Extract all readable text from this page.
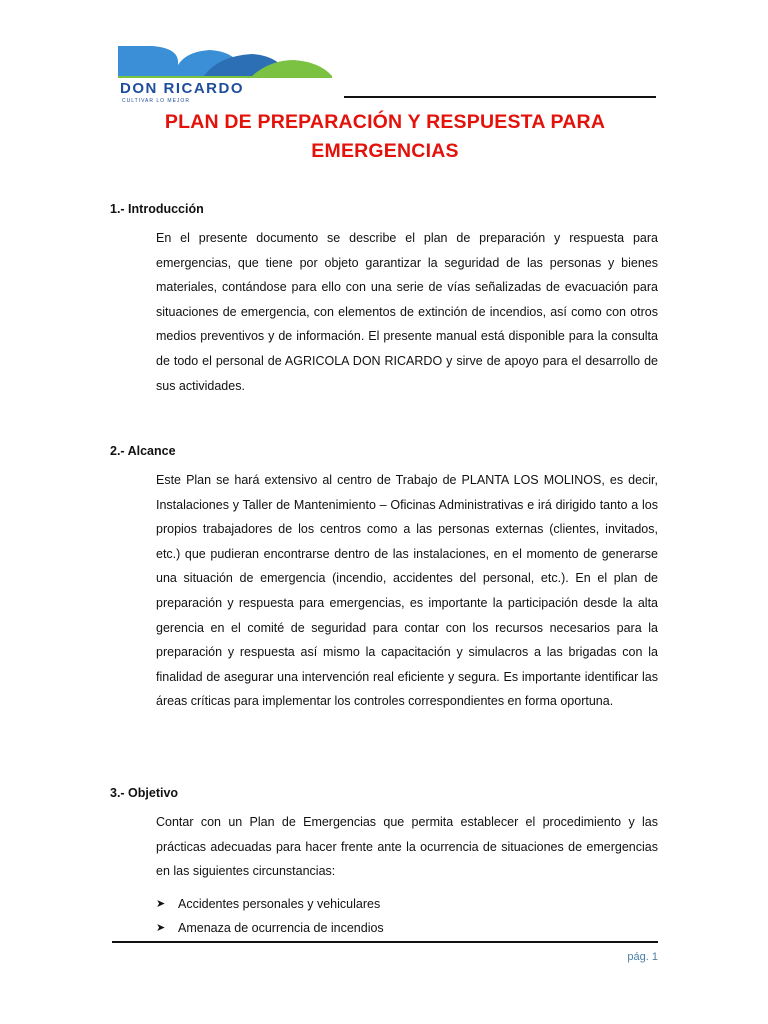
DON RICARDO
CULTIVAR LO MEJOR
PLAN DE PREPARACIÓN Y RESPUESTA PARA
EMERGENCIAS
1.- Introducción
En el presente documento se describe el plan de preparación y respuesta para emergencias, que tiene por objeto garantizar la seguridad de las personas y bienes materiales, contándose para ello con una serie de vías señalizadas de evacuación para situaciones de emergencia, con elementos de extinción de incendios, así como con otros medios preventivos y de información. El presente manual está disponible para la consulta de todo el personal de AGRICOLA DON RICARDO y sirve de apoyo para el desarrollo de sus actividades.
2.- Alcance
Este Plan se hará extensivo al centro de Trabajo de PLANTA LOS MOLINOS, es decir, Instalaciones y Taller de Mantenimiento – Oficinas Administrativas e irá dirigido tanto a los propios trabajadores de los centros como a las personas externas (clientes, invitados, etc.) que pudieran encontrarse dentro de las instalaciones, en el momento de generarse una situación de emergencia (incendio, accidentes del personal, etc.). En el plan de preparación y respuesta para emergencias, es importante la participación desde la alta gerencia en el comité de seguridad para contar con los recursos necesarios para la preparación y respuesta así mismo la capacitación y simulacros a las brigadas con la finalidad de asegurar una intervención real eficiente y segura. Es importante identificar las áreas críticas para implementar los controles correspondientes en forma oportuna.
3.- Objetivo
Contar con un Plan de Emergencias que permita establecer el procedimiento y las prácticas adecuadas para hacer frente ante la ocurrencia de situaciones de emergencias en las siguientes circunstancias:
➤ Accidentes personales y vehiculares
➤ Amenaza de ocurrencia de incendios
pág. 1
